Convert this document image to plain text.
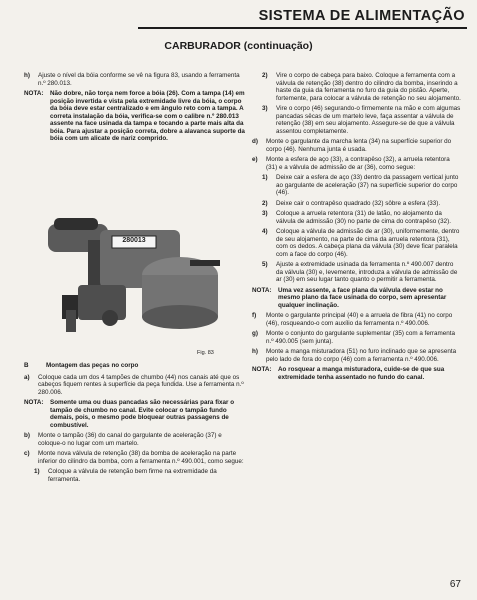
SISTEMA DE ALIMENTAÇÃO
CARBURADOR (continuação)
h)	Ajuste o nível da bóia conforme se vê na figura 83, usando a ferramenta n.º 280.013.
NOTA:	Não dobre, não torça nem force a bóia (26). Com a tampa (14) em posição invertida e vista pela extremidade livre da bóia, o corpo da bóia deve estar centralizado e em ângulo reto com a tampa. A correta instalação da bóia, verifica-se com o calibre n.º 280.013 assente na face usinada da tampa e tocando a parte mais alta da bóia. Para ajustar a posição correta, dobre a alavanca suporte da bóia com um alicate de nariz comprido.
280013
Fig. 83
B	Montagem das peças no corpo
a)	Coloque cada um dos 4 tampões de chumbo (44) nos canais até que os cabeços fiquem rentes à superfície da peça fundida. Use a ferramenta n.º 280.006.
NOTA:	Somente uma ou duas pancadas são necessárias para fixar o tampão de chumbo no canal. Evite colocar o tampão fundo demais, pois, o mesmo pode bloquear outras passagens de combustível.
b)	Monte o tampão (36) do canal do gargulante de aceleração (37) e coloque-o no lugar com um martelo.
c)	Monte nova válvula de retenção (38) da bomba de aceleração na parte inferior do cilindro da bomba, com a ferramenta n.º 490.001, como segue:
1)	Coloque a válvula de retenção bem firme na extremidade da ferramenta.
2)	Vire o corpo de cabeça para baixo. Coloque a ferramenta com a válvula de retenção (38) dentro do cilindro da bomba, inserindo a haste da guia da ferramenta no furo da guia do pistão. Aperte, fortemente, para colocar a válvula de retenção no seu alojamento.
3)	Vire o corpo (46) segurando-o firmemente na mão e com algumas pancadas sêcas de um martelo leve, faça assentar a válvula de retenção (38) em seu alojamento. Assegure-se de que a válvula assentou completamente.
d)	Monte o gargulante da marcha lenta (34) na superfície superior do corpo (46). Nenhuma junta é usada.
e)	Monte a esfera de aço (33), a contrapêso (32), a arruela retentora (31) e a válvula de admissão de ar (36), como segue:
1)	Deixe cair a esfera de aço (33) dentro da passagem vertical junto ao gargulante de aceleração (37) na superfície superior do corpo (46).
2)	Deixe cair o contrapêso quadrado (32) sôbre a esfera (33).
3)	Coloque a arruela retentora (31) de latão, no alojamento da válvula de admissão (30) no parte de cima do contrapêso (32).
4)	Coloque a válvula de admissão de ar (30), uniformemente, dentro de seu alojamento, na parte de cima da arruela retentora (31), com os dedos. A cabeça plana da válvula (30) deve ficar paralela com a face do corpo (46).
5)	Ajuste a extremidade usinada da ferramenta n.º 490.007 dentro da válvula (30) e, levemente, introduza a válvula de admissão de ar (30) em seu lugar tanto quanto o permitir a ferramenta.
NOTA:	Uma vez assente, a face plana da válvula deve estar no mesmo plano da face usinada do corpo, sem apresentar qualquer inclinação.
f)	Monte o gargulante principal (40) e a arruela de fibra (41) no corpo (46), rosqueando-o com auxílio da ferramenta n.º 490.006.
g)	Monte o conjunto do gargulante suplementar (35) com a ferramenta n.º 490.005 (sem junta).
h)	Monte a manga misturadora (51) no furo inclinado que se apresenta pelo lado de fora do corpo (46) com a ferramenta n.º 490.006.
NOTA:	Ao rosquear a manga misturadora, cuide-se de que sua extremidade tenha assentado no fundo do canal.
67
